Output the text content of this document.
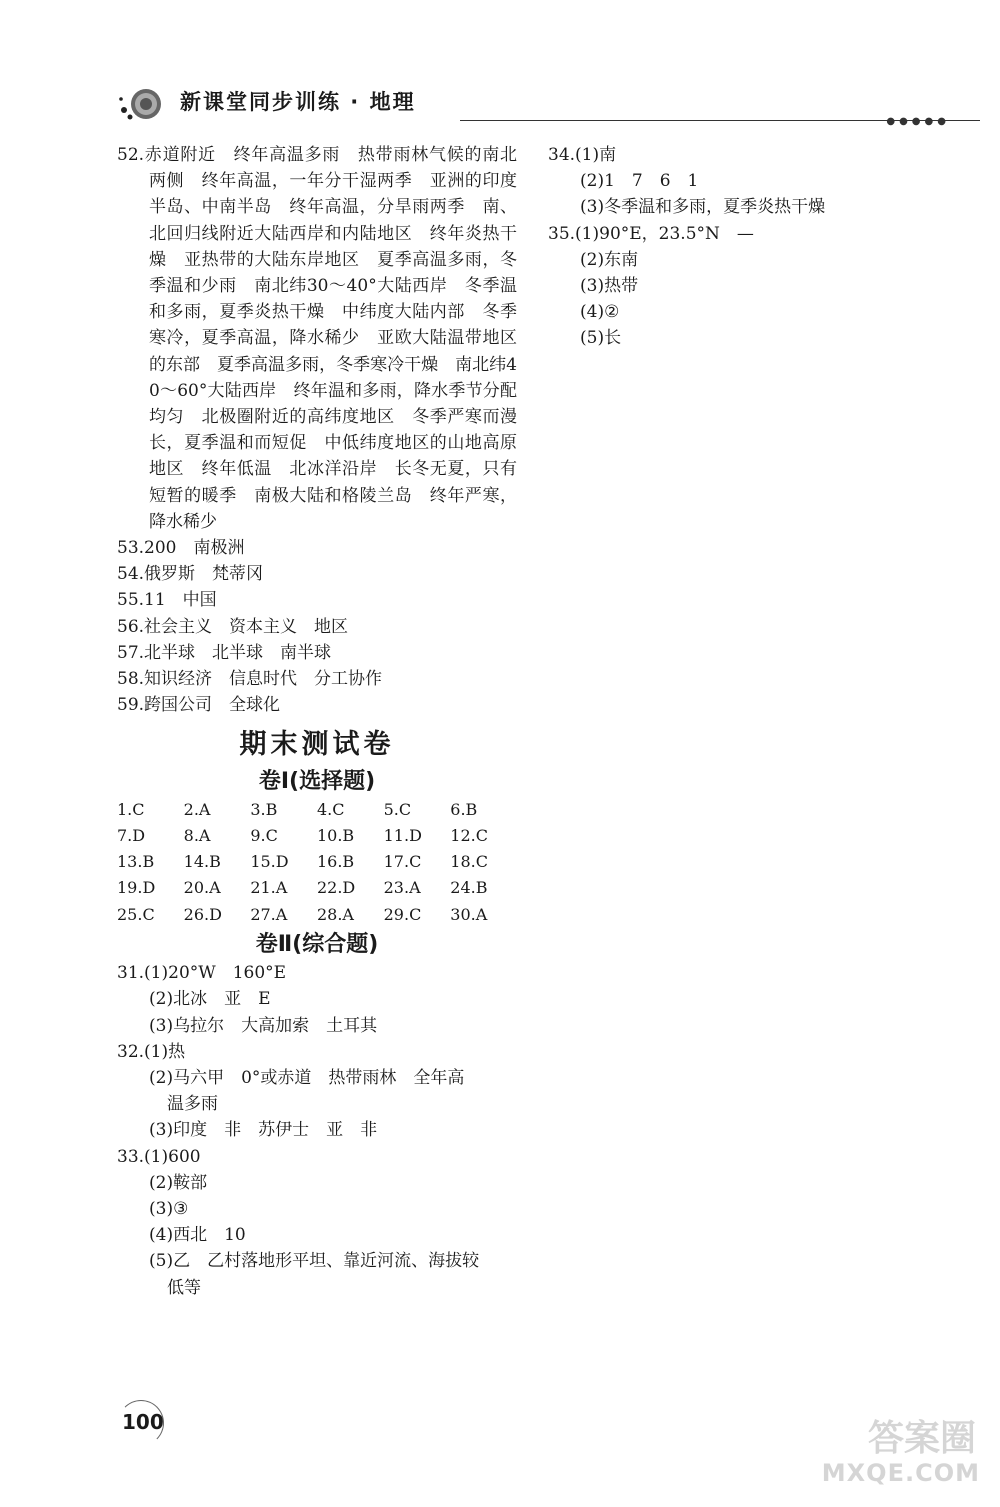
新课堂同步训练 · 地理
●●●●●
52.赤道附近　终年高温多雨　热带雨林气候的南北两侧　终年高温，一年分干湿两季　亚洲的印度半岛、中南半岛　终年高温，分旱雨两季　南、北回归线附近大陆西岸和内陆地区　终年炎热干燥　亚热带的大陆东岸地区　夏季高温多雨，冬季温和少雨　南北纬30～40°大陆西岸　冬季温和多雨，夏季炎热干燥　中纬度大陆内部　冬季寒冷，夏季高温，降水稀少　亚欧大陆温带地区的东部　夏季高温多雨，冬季寒冷干燥　南北纬40～60°大陆西岸　终年温和多雨，降水季节分配均匀　北极圈附近的高纬度地区　冬季严寒而漫长，夏季温和而短促　中低纬度地区的山地高原地区　终年低温　北冰洋沿岸　长冬无夏，只有短暂的暖季　南极大陆和格陵兰岛　终年严寒，降水稀少
53. 200　南极洲
54. 俄罗斯　梵蒂冈
55. 11　中国
56. 社会主义　资本主义　地区
57. 北半球　北半球　南半球
58. 知识经济　信息时代　分工协作
59. 跨国公司　全球化
期末测试卷
卷Ⅰ(选择题)
1.C	2.A	3.B	4.C	5.C	6.B
7.D	8.A	9.C	10.B	11.D	12.C
13.B	14.B	15.D	16.B	17.C	18.C
19.D	20.A	21.A	22.D	23.A	24.B
25.C	26.D	27.A	28.A	29.C	30.A
卷Ⅱ(综合题)
31. (1)20°W　160°E
(2)北冰　亚　E
(3)乌拉尔　大高加索　土耳其
32. (1)热
(2)马六甲　0°或赤道　热带雨林　全年高
温多雨
(3)印度　非　苏伊士　亚　非
33. (1)600
(2)鞍部
(3)③
(4)西北　10
(5)乙　乙村落地形平坦、靠近河流、海拔较
低等
34. (1)南
(2)1　7　6　1
(3)冬季温和多雨，夏季炎热干燥
35. (1)90°E，23.5°N　—
(2)东南
(3)热带
(4)②
(5)长
100	答案圈
MXQE.COM
